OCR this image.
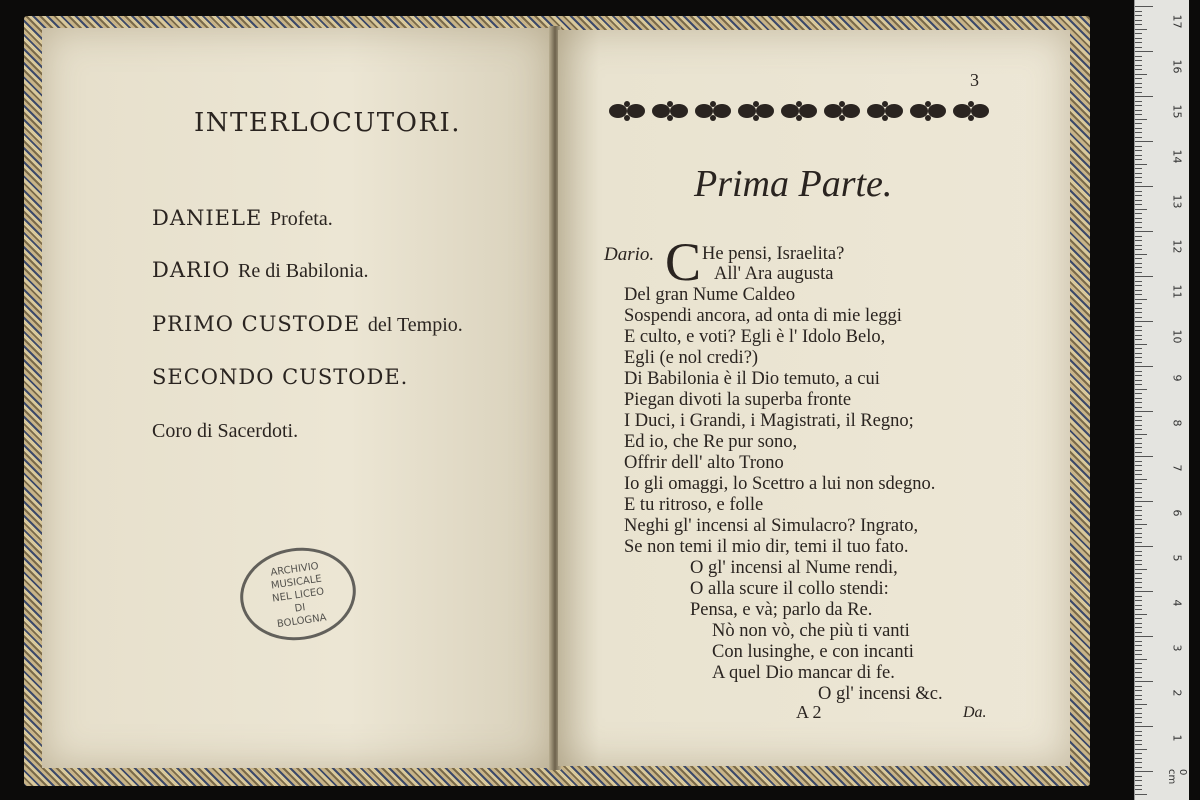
INTERLOCUTORI.
DANIELE Profeta.
DARIO Re di Babilonia.
PRIMO CUSTODE del Tempio.
SECONDO CUSTODE.
Coro di Sacerdoti.
ARCHIVIO
MUSICALE
NEL LICEO
DI
BOLOGNA
3
Prima Parte.
Dario. C He pensi, Israelita?
All' Ara augusta
Del gran Nume Caldeo
Sospendi ancora, ad onta di mie leggi
E culto, e voti? Egli è l' Idolo Belo,
Egli (e nol credi?)
Di Babilonia è il Dio temuto, a cui
Piegan divoti la superba fronte
I Duci, i Grandi, i Magistrati, il Regno;
Ed io, che Re pur sono,
Offrir dell' alto Trono
Io gli omaggi, lo Scettro a lui non sdegno.
E tu ritroso, e folle
Neghi gl' incensi al Simulacro? Ingrato,
Se non temi il mio dir, temi il tuo fato.
O gl' incensi al Nume rendi,
O alla scure il collo stendi:
Pensa, e và; parlo da Re.
Nò non vò, che più ti vanti
Con lusinghe, e con incanti
A quel Dio mancar di fe.
O gl' incensi &c.
A 2	Da.
17
16
15
14
13
12
11
10
9
8
7
6
5
4
3
2
1
0 cm
